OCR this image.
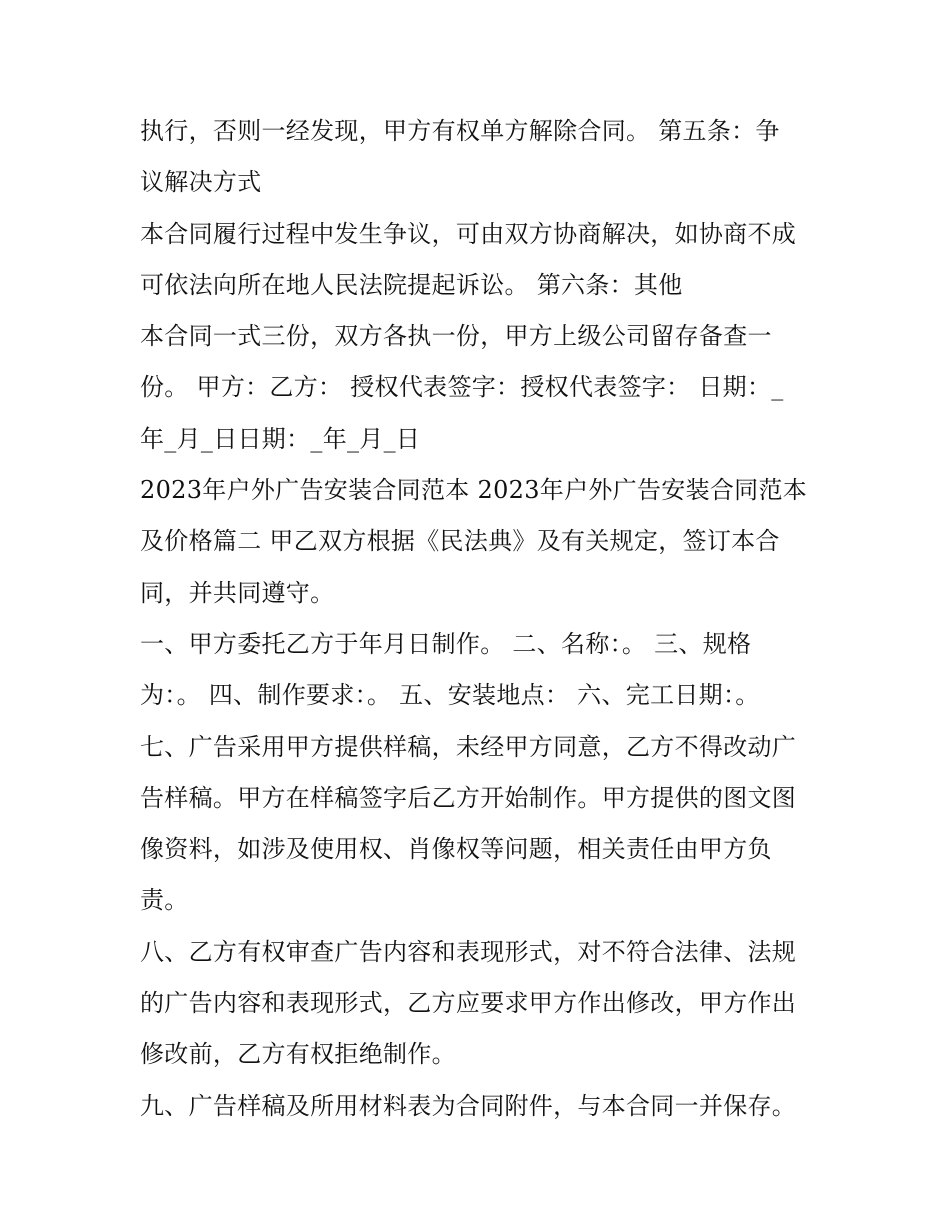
执行，否则一经发现，甲方有权单方解除合同。 第五条：争
议解决方式
本合同履行过程中发生争议，可由双方协商解决，如协商不成
可依法向所在地人民法院提起诉讼。 第六条：其他
本合同一式三份，双方各执一份，甲方上级公司留存备查一
份。 甲方：乙方： 授权代表签字：授权代表签字： 日期：_
年_月_日日期：_年_月_日
2023年户外广告安装合同范本 2023年户外广告安装合同范本
及价格篇二 甲乙双方根据《民法典》及有关规定，签订本合
同，并共同遵守。
一、甲方委托乙方于年月日制作。 二、名称：。 三、规格
为：。 四、制作要求：。 五、安装地点： 六、完工日期：。
七、广告采用甲方提供样稿，未经甲方同意，乙方不得改动广
告样稿。甲方在样稿签字后乙方开始制作。甲方提供的图文图
像资料，如涉及使用权、肖像权等问题，相关责任由甲方负
责。
八、乙方有权审查广告内容和表现形式，对不符合法律、法规
的广告内容和表现形式，乙方应要求甲方作出修改，甲方作出
修改前，乙方有权拒绝制作。
九、广告样稿及所用材料表为合同附件，与本合同一并保存。
